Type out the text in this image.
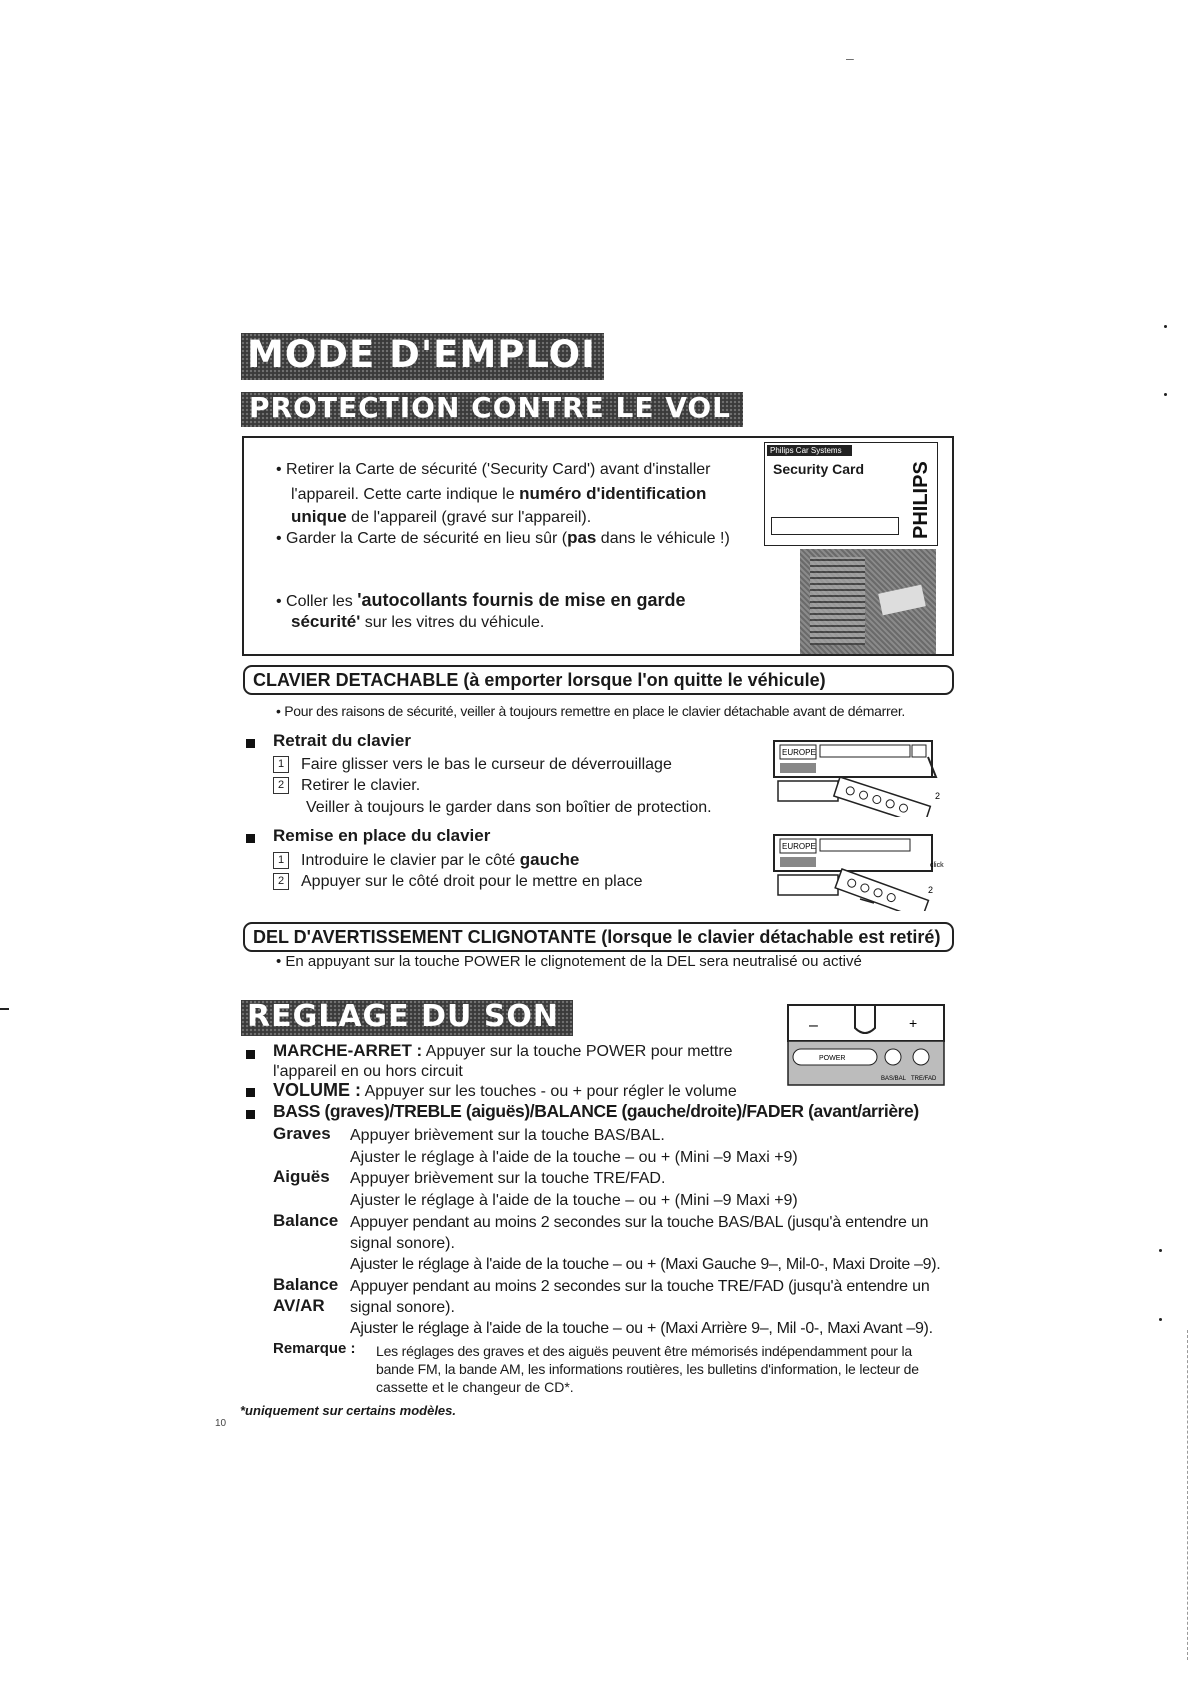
–
MODE D'EMPLOI
PROTECTION CONTRE LE VOL
• Retirer la Carte de sécurité ('Security Card') avant d'installer
l'appareil. Cette carte indique le numéro d'identification
unique de l'appareil (gravé sur l'appareil).
• Garder la Carte de sécurité en lieu sûr (pas dans le véhicule !)
• Coller les 'autocollants fournis de mise en garde
sécurité' sur les vitres du véhicule.
Philips Car Systems
Security Card PHILIPS
CLAVIER DETACHABLE (à emporter lorsque l'on quitte le véhicule)
• Pour des raisons de sécurité, veiller à toujours remettre en place le clavier détachable avant de démarrer.
Retrait du clavier
1 Faire glisser vers le bas le curseur de déverrouillage
2 Retirer le clavier.
Veiller à toujours le garder dans son boîtier de protection.
Remise en place du clavier
1 Introduire le clavier par le côté gauche
2 Appuyer sur le côté droit pour le mettre en place
EUROPE
2
EUROPE
click
2
DEL D'AVERTISSEMENT CLIGNOTANTE (lorsque le clavier détachable est retiré)
• En appuyant sur la touche POWER le clignotement de la DEL sera neutralisé ou activé
REGLAGE DU SON	–	+
POWER
BAS/BAL TRE/FAD
MARCHE-ARRET : Appuyer sur la touche POWER pour mettre
l'appareil en ou hors circuit
VOLUME : Appuyer sur les touches - ou + pour régler le volume
BASS (graves)/TREBLE (aiguës)/BALANCE (gauche/droite)/FADER (avant/arrière)
Graves Appuyer brièvement sur la touche BAS/BAL.
Ajuster le réglage à l'aide de la touche – ou + (Mini –9 Maxi +9)
Aiguës Appuyer brièvement sur la touche TRE/FAD.
Ajuster le réglage à l'aide de la touche – ou + (Mini –9 Maxi +9)
Balance Appuyer pendant au moins 2 secondes sur la touche BAS/BAL (jusqu'à entendre un
signal sonore).
Ajuster le réglage à l'aide de la touche – ou + (Maxi Gauche 9–, Mil-0-, Maxi Droite –9).
Balance
AV/AR
Appuyer pendant au moins 2 secondes sur la touche TRE/FAD (jusqu'à entendre un
signal sonore).
Ajuster le réglage à l'aide de la touche – ou + (Maxi Arrière 9–, Mil -0-, Maxi Avant –9).
Remarque : Les réglages des graves et des aiguës peuvent être mémorisés indépendamment pour la
bande FM, la bande AM, les informations routières, les bulletins d'information, le lecteur de
cassette et le changeur de CD*.
*uniquement sur certains modèles.
10
